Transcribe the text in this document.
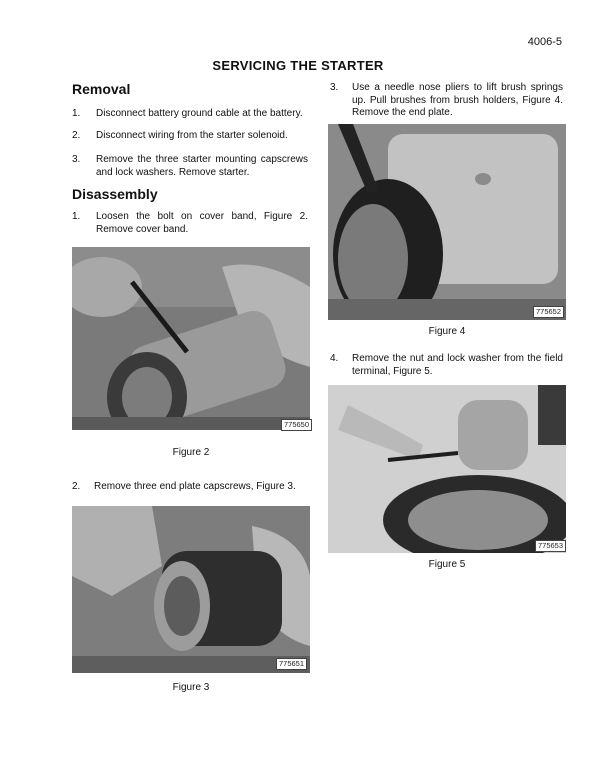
4006-5
SERVICING THE STARTER
Removal
1. Disconnect battery ground cable at the battery.
2. Disconnect wiring from the starter solenoid.
3. Remove the three starter mounting capscrews and lock washers. Remove starter.
Disassembly
1. Loosen the bolt on cover band, Figure 2. Remove cover band.
775650
Figure 2
2. Remove three end plate capscrews, Figure 3.
775651
Figure 3
3. Use a needle nose pliers to lift brush springs up. Pull brushes from brush holders, Figure 4. Remove the end plate.
775652
Figure 4
4. Remove the nut and lock washer from the field terminal, Figure 5.
775653
Figure 5
